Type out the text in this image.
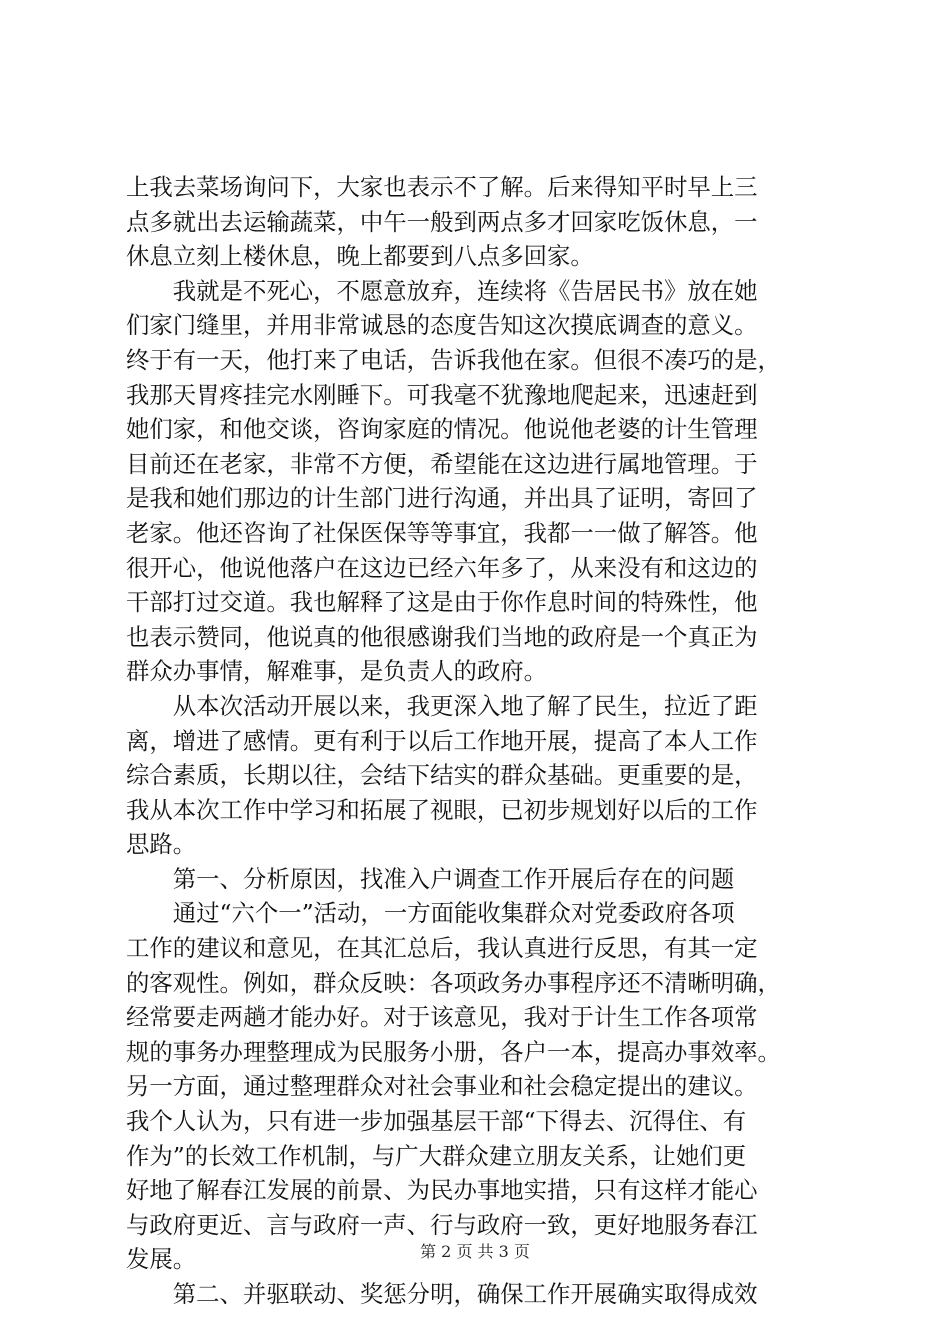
上我去菜场询问下，大家也表示不了解。后来得知平时早上三
点多就出去运输蔬菜，中午一般到两点多才回家吃饭休息，一
休息立刻上楼休息，晚上都要到八点多回家。
　　我就是不死心，不愿意放弃，连续将《告居民书》放在她
们家门缝里，并用非常诚恳的态度告知这次摸底调查的意义。
终于有一天，他打来了电话，告诉我他在家。但很不凑巧的是，
我那天胃疼挂完水刚睡下。可我毫不犹豫地爬起来，迅速赶到
她们家，和他交谈，咨询家庭的情况。他说他老婆的计生管理
目前还在老家，非常不方便，希望能在这边进行属地管理。于
是我和她们那边的计生部门进行沟通，并出具了证明，寄回了
老家。他还咨询了社保医保等等事宜，我都一一做了解答。他
很开心，他说他落户在这边已经六年多了，从来没有和这边的
干部打过交道。我也解释了这是由于你作息时间的特殊性，他
也表示赞同，他说真的他很感谢我们当地的政府是一个真正为
群众办事情，解难事，是负责人的政府。
　　从本次活动开展以来，我更深入地了解了民生，拉近了距
离，增进了感情。更有利于以后工作地开展，提高了本人工作
综合素质，长期以往，会结下结实的群众基础。更重要的是，
我从本次工作中学习和拓展了视眼，已初步规划好以后的工作
思路。
　　第一、分析原因，找准入户调查工作开展后存在的问题
　　通过“六个一”活动，一方面能收集群众对党委政府各项
工作的建议和意见，在其汇总后，我认真进行反思，有其一定
的客观性。例如，群众反映：各项政务办事程序还不清晰明确，
经常要走两趟才能办好。对于该意见，我对于计生工作各项常
规的事务办理整理成为民服务小册，各户一本，提高办事效率。
另一方面，通过整理群众对社会事业和社会稳定提出的建议。
我个人认为，只有进一步加强基层干部“下得去、沉得住、有
作为”的长效工作机制，与广大群众建立朋友关系，让她们更
好地了解春江发展的前景、为民办事地实措，只有这样才能心
与政府更近、言与政府一声、行与政府一致，更好地服务春江
发展。
　　第二、并驱联动、奖惩分明，确保工作开展确实取得成效
第 2 页 共 3 页
